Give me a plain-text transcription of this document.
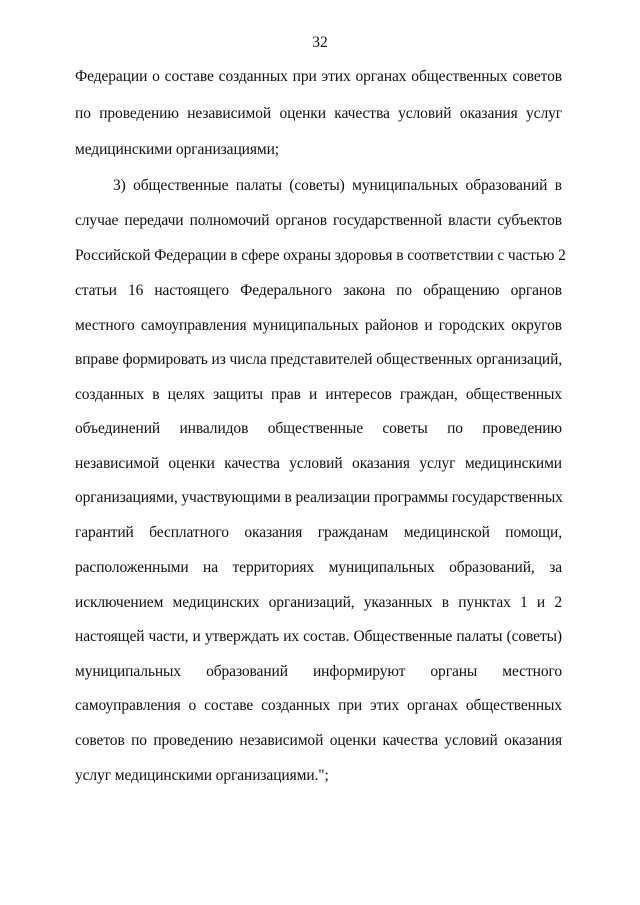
32
Федерации о составе созданных при этих органах общественных советов
по проведению независимой оценки качества условий оказания услуг
медицинскими организациями;
3) общественные палаты (советы) муниципальных образований в
случае передачи полномочий органов государственной власти субъектов
Российской Федерации в сфере охраны здоровья в соответствии с частью 2
статьи 16 настоящего Федерального закона по обращению органов
местного самоуправления муниципальных районов и городских округов
вправе формировать из числа представителей общественных организаций,
созданных в целях защиты прав и интересов граждан, общественных
объединений инвалидов общественные советы по проведению
независимой оценки качества условий оказания услуг медицинскими
организациями, участвующими в реализации программы государственных
гарантий бесплатного оказания гражданам медицинской помощи,
расположенными на территориях муниципальных образований, за
исключением медицинских организаций, указанных в пунктах 1 и 2
настоящей части, и утверждать их состав. Общественные палаты (советы)
муниципальных образований информируют органы местного
самоуправления о составе созданных при этих органах общественных
советов по проведению независимой оценки качества условий оказания
услуг медицинскими организациями.";
